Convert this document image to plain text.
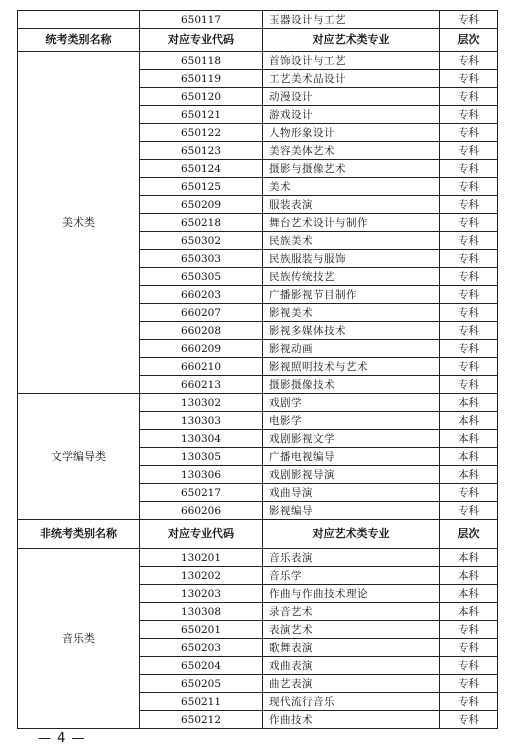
	650117	玉器设计与工艺	专科
统考类别名称	对应专业代码	对应艺术类专业	层次
美术类	650118	首饰设计与工艺	专科
	650119	工艺美术品设计	专科
	650120	动漫设计	专科
	650121	游戏设计	专科
	650122	人物形象设计	专科
	650123	美容美体艺术	专科
	650124	摄影与摄像艺术	专科
	650125	美术	专科
	650209	服装表演	专科
	650218	舞台艺术设计与制作	专科
	650302	民族美术	专科
	650303	民族服装与服饰	专科
	650305	民族传统技艺	专科
	660203	广播影视节目制作	专科
	660207	影视美术	专科
	660208	影视多媒体技术	专科
	660209	影视动画	专科
	660210	影视照明技术与艺术	专科
	660213	摄影摄像技术	专科
文学编导类	130302	戏剧学	本科
	130303	电影学	本科
	130304	戏剧影视文学	本科
	130305	广播电视编导	本科
	130306	戏剧影视导演	本科
	650217	戏曲导演	专科
	660206	影视编导	专科
非统考类别名称	对应专业代码	对应艺术类专业	层次
音乐类	130201	音乐表演	本科
	130202	音乐学	本科
	130203	作曲与作曲技术理论	本科
	130308	录音艺术	本科
	650201	表演艺术	专科
	650203	歌舞表演	专科
	650204	戏曲表演	专科
	650205	曲艺表演	专科
	650211	现代流行音乐	专科
	650212	作曲技术	专科
— 4 —
